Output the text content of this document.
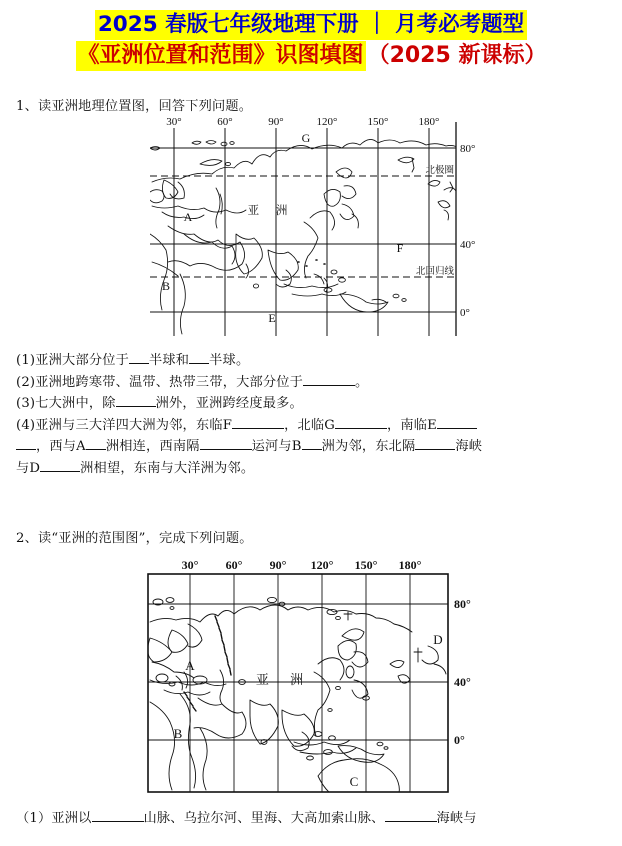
2025 春版七年级地理下册 ｜ 月考必考题型
《亚洲位置和范围》识图填图 （2025 新课标）
1、读亚洲地理位置图，回答下列问题。
30°	60°	90°	120°	150°	180°
80°
40°
0°
北极圈
北回归线
A
B
E
F
G
亚 洲
(1)亚洲大部分位于 半球和 半球。
(2)亚洲地跨寒带、温带、热带三带，大部分位于	。
(3)七大洲中，除	洲外，亚洲跨经度最多。
(4)亚洲与三大洋四大洲为邻，东临F	，北临G	，南临E
，西与A 洲相连，西南隔	运河与B 洲为邻，东北隔	海峡
与D	洲相望，东南与大洋洲为邻。
2、读“亚洲的范围图”，完成下列问题。
30° 60° 90° 120° 150° 180°
80°
40°
0°
A
B
C
D
亚 洲
（1）亚洲以	山脉、乌拉尔河、里海、大高加索山脉、	海峡与
